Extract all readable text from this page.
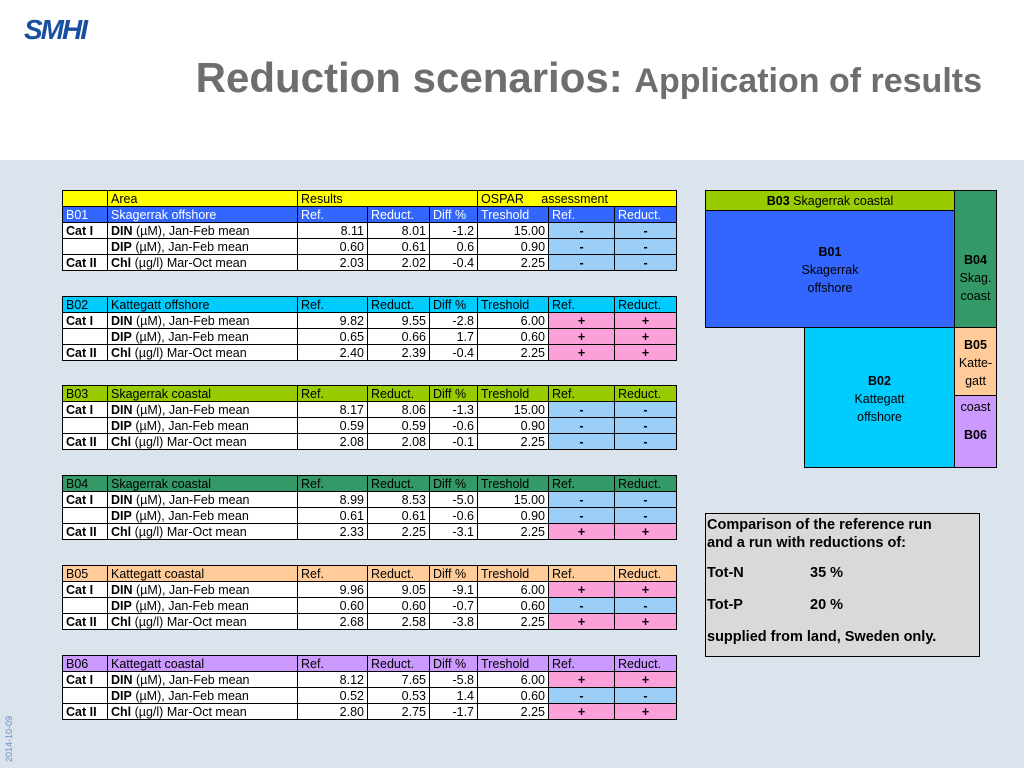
SMHI
Reduction scenarios: Application of results
2014-10-09
	Area	Results			OSPAR assessment		
B01	Skagerrak offshore	Ref.	Reduct.	Diff %	Treshold	Ref.	Reduct.
Cat I	DIN (µM), Jan-Feb mean	8.11	8.01	-1.2	15.00	-	-
	DIP (µM), Jan-Feb mean	0.60	0.61	0.6	0.90	-	-
Cat II	Chl (µg/l) Mar-Oct mean	2.03	2.02	-0.4	2.25	-	-
B02	Kattegatt offshore	Ref.	Reduct.	Diff %	Treshold	Ref.	Reduct.
Cat I	DIN (µM), Jan-Feb mean	9.82	9.55	-2.8	6.00	+	+
	DIP (µM), Jan-Feb mean	0.65	0.66	1.7	0.60	+	+
Cat II	Chl (µg/l) Mar-Oct mean	2.40	2.39	-0.4	2.25	+	+
B03	Skagerrak coastal	Ref.	Reduct.	Diff %	Treshold	Ref.	Reduct.
Cat I	DIN (µM), Jan-Feb mean	8.17	8.06	-1.3	15.00	-	-
	DIP (µM), Jan-Feb mean	0.59	0.59	-0.6	0.90	-	-
Cat II	Chl (µg/l) Mar-Oct mean	2.08	2.08	-0.1	2.25	-	-
B04	Skagerrak coastal	Ref.	Reduct.	Diff %	Treshold	Ref.	Reduct.
Cat I	DIN (µM), Jan-Feb mean	8.99	8.53	-5.0	15.00	-	-
	DIP (µM), Jan-Feb mean	0.61	0.61	-0.6	0.90	-	-
Cat II	Chl (µg/l) Mar-Oct mean	2.33	2.25	-3.1	2.25	+	+
B05	Kattegatt coastal	Ref.	Reduct.	Diff %	Treshold	Ref.	Reduct.
Cat I	DIN (µM), Jan-Feb mean	9.96	9.05	-9.1	6.00	+	+
	DIP (µM), Jan-Feb mean	0.60	0.60	-0.7	0.60	-	-
Cat II	Chl (µg/l) Mar-Oct mean	2.68	2.58	-3.8	2.25	+	+
B06	Kattegatt coastal	Ref.	Reduct.	Diff %	Treshold	Ref.	Reduct.
Cat I	DIN (µM), Jan-Feb mean	8.12	7.65	-5.8	6.00	+	+
	DIP (µM), Jan-Feb mean	0.52	0.53	1.4	0.60	-	-
Cat II	Chl (µg/l) Mar-Oct mean	2.80	2.75	-1.7	2.25	+	+
B03 Skagerrak coastal
B01
Skagerrak
offshore
B02
Kattegatt
offshore
B04
Skag.
coast
B05
Katte-
gatt
coast
B06
Comparison of the reference run
and a run with reductions of:
Tot-N	35 %
Tot-P	20 %
supplied from land, Sweden only.
